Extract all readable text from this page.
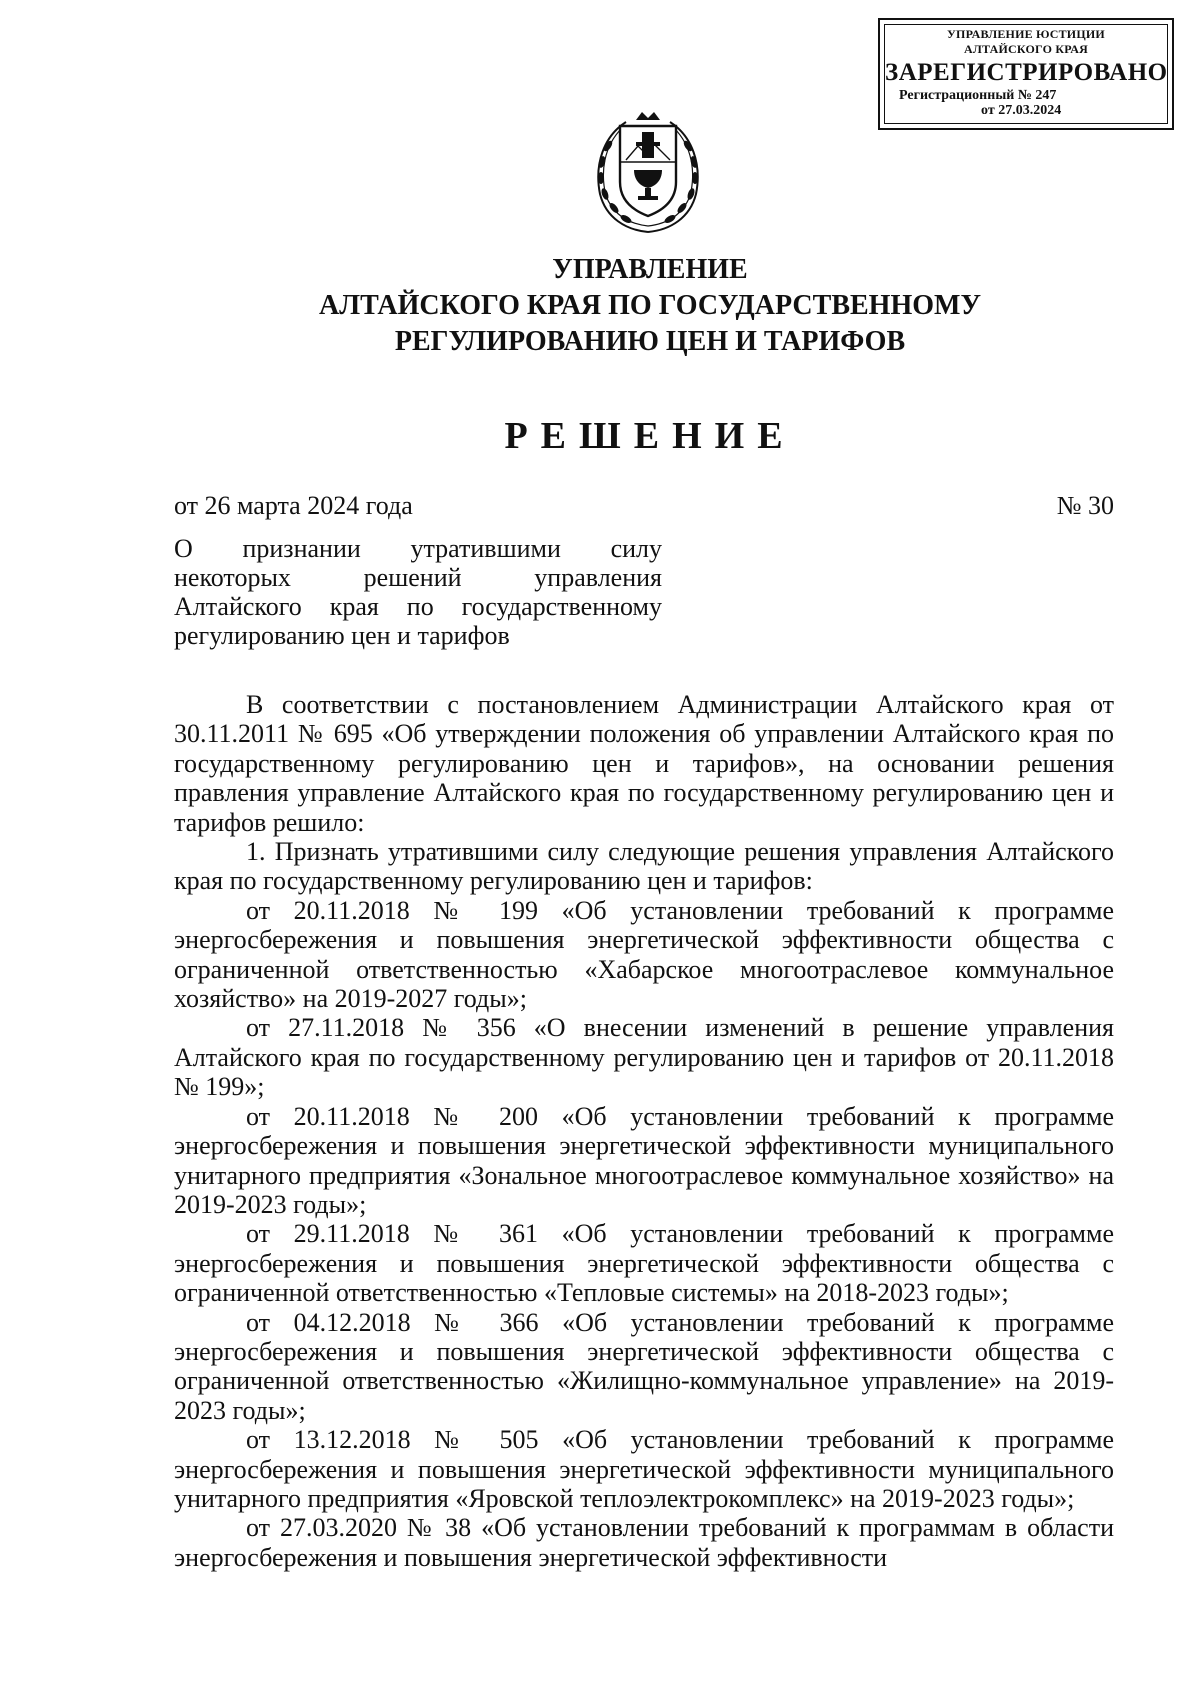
УПРАВЛЕНИЕ ЮСТИЦИИ
АЛТАЙСКОГО КРАЯ
ЗАРЕГИСТРИРОВАНО
Регистрационный № 247
от 27.03.2024
УПРАВЛЕНИЕ
АЛТАЙСКОГО КРАЯ ПО ГОСУДАРСТВЕННОМУ
РЕГУЛИРОВАНИЮ ЦЕН И ТАРИФОВ
РЕШЕНИЕ
от 26 марта 2024 года	№ 30
О признании утратившими силу
некоторых решений управления
Алтайского края по государственному
регулированию цен и тарифов

В соответствии с постановлением Администрации Алтайского края от 30.11.2011 № 695 «Об утверждении положения об управлении Алтайского края по государственному регулированию цен и тарифов», на основании решения правления управление Алтайского края по государственному регулированию цен и тарифов решило:

1. Признать утратившими силу следующие решения управления Алтайского края по государственному регулированию цен и тарифов:

от 20.11.2018 № 199 «Об установлении требований к программе энергосбережения и повышения энергетической эффективности общества с ограниченной ответственностью «Хабарское многоотраслевое коммунальное хозяйство» на 2019-2027 годы»;

от 27.11.2018 № 356 «О внесении изменений в решение управления Алтайского края по государственному регулированию цен и тарифов от 20.11.2018 № 199»;

от 20.11.2018 № 200 «Об установлении требований к программе энергосбережения и повышения энергетической эффективности муниципального унитарного предприятия «Зональное многоотраслевое коммунальное хозяйство» на 2019-2023 годы»;

от 29.11.2018 № 361 «Об установлении требований к программе энергосбережения и повышения энергетической эффективности общества с ограниченной ответственностью «Тепловые системы» на 2018-2023 годы»;

от 04.12.2018 № 366 «Об установлении требований к программе энергосбережения и повышения энергетической эффективности общества с ограниченной ответственностью «Жилищно-коммунальное управление» на 2019-2023 годы»;

от 13.12.2018 № 505 «Об установлении требований к программе энергосбережения и повышения энергетической эффективности муниципального унитарного предприятия «Яровской теплоэлектрокомплекс» на 2019-2023 годы»;

от 27.03.2020 № 38 «Об установлении требований к программам в области энергосбережения и повышения энергетической эффективности
